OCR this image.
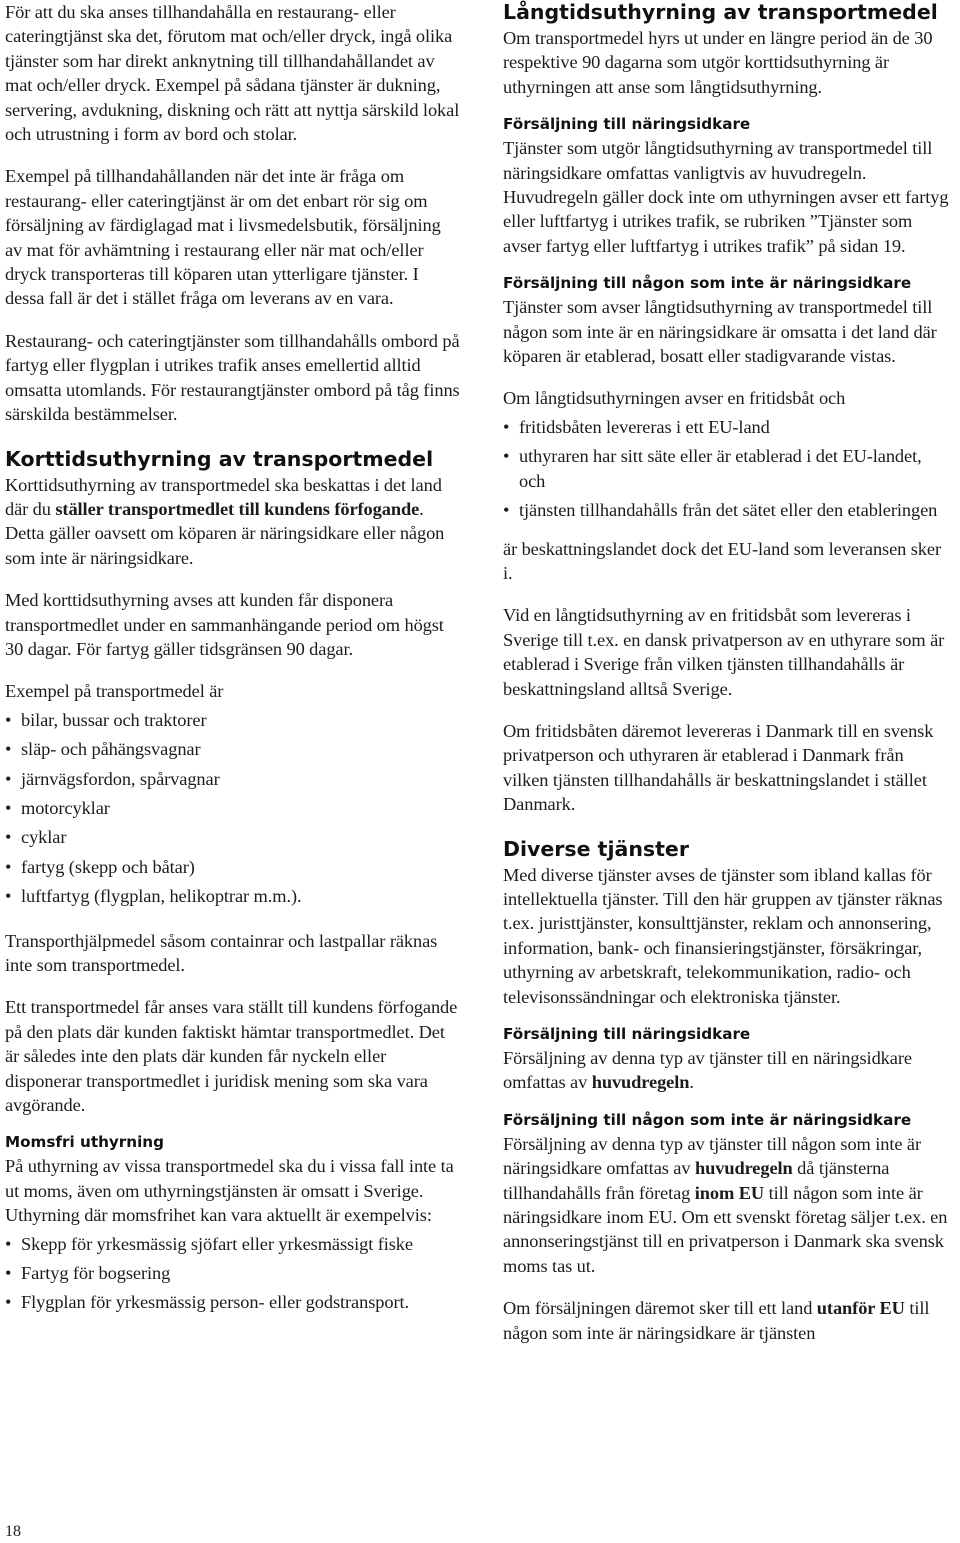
För att du ska anses tillhandahålla en restaurang- eller cateringtjänst ska det, förutom mat och/eller dryck, ingå olika tjänster som har direkt anknytning till tillhandahållandet av mat och/eller dryck. Exempel på sådana tjänster är dukning, servering, avdukning, diskning och rätt att nyttja särskild lokal och utrustning i form av bord och stolar.

Exempel på tillhandahållanden när det inte är fråga om restaurang- eller cateringtjänst är om det enbart rör sig om försäljning av färdiglagad mat i livsmedelsbutik, försäljning av mat för avhämtning i restaurang eller när mat och/eller dryck transporteras till köparen utan ytterligare tjänster. I dessa fall är det i stället fråga om leverans av en vara.

Restaurang- och cateringtjänster som tillhandahålls ombord på fartyg eller flygplan i utrikes trafik anses emellertid alltid omsatta utomlands. För restaurangtjänster ombord på tåg finns särskilda bestämmelser.

Korttidsuthyrning av transportmedel

Korttidsuthyrning av transportmedel ska beskattas i det land där du ställer transportmedlet till kundens förfogande. Detta gäller oavsett om köparen är näringsidkare eller någon som inte är näringsidkare.

Med korttidsuthyrning avses att kunden får disponera transportmedlet under en sammanhängande period om högst 30 dagar. För fartyg gäller tidsgränsen 90 dagar.

Exempel på transportmedel är

• bilar, bussar och traktorer
• släp- och påhängsvagnar
• järnvägsfordon, spårvagnar
• motorcyklar
• cyklar
• fartyg (skepp och båtar)
• luftfartyg (flygplan, helikoptrar m.m.).

Transporthjälpmedel såsom containrar och lastpallar räknas inte som transportmedel.

Ett transportmedel får anses vara ställt till kundens förfogande på den plats där kunden faktiskt hämtar transportmedlet. Det är således inte den plats där kunden får nyckeln eller disponerar transportmedlet i juridisk mening som ska vara avgörande.

Momsfri uthyrning

På uthyrning av vissa transportmedel ska du i vissa fall inte ta ut moms, även om uthyrningstjänsten är omsatt i Sverige. Uthyrning där momsfrihet kan vara aktuellt är exempelvis:

• Skepp för yrkesmässig sjöfart eller yrkesmässigt fiske
• Fartyg för bogsering
• Flygplan för yrkesmässig person- eller godstransport.
Långtidsuthyrning av transportmedel

Om transportmedel hyrs ut under en längre period än de 30 respektive 90 dagarna som utgör korttidsuthyrning är uthyrningen att anse som långtidsuthyrning.

Försäljning till näringsidkare

Tjänster som utgör långtidsuthyrning av transportmedel till näringsidkare omfattas vanligtvis av huvudregeln. Huvudregeln gäller dock inte om uthyrningen avser ett fartyg eller luftfartyg i utrikes trafik, se rubriken ”Tjänster som avser fartyg eller luftfartyg i utrikes trafik” på sidan 19.

Försäljning till någon som inte är näringsidkare

Tjänster som avser långtidsuthyrning av transportmedel till någon som inte är en näringsidkare är omsatta i det land där köparen är etablerad, bosatt eller stadigvarande vistas.

Om långtidsuthyrningen avser en fritidsbåt och

• fritidsbåten levereras i ett EU-land
• uthyraren har sitt säte eller är etablerad i det EU-landet, och
• tjänsten tillhandahålls från det sätet eller den etableringen

är beskattningslandet dock det EU-land som leveransen sker i.

Vid en långtidsuthyrning av en fritidsbåt som levereras i Sverige till t.ex. en dansk privatperson av en uthyrare som är etablerad i Sverige från vilken tjänsten tillhandahålls är beskattningsland alltså Sverige.

Om fritidsbåten däremot levereras i Danmark till en svensk privatperson och uthyraren är etablerad i Danmark från vilken tjänsten tillhandahålls är beskattningslandet i stället Danmark.

Diverse tjänster

Med diverse tjänster avses de tjänster som ibland kallas för intellektuella tjänster. Till den här gruppen av tjänster räknas t.ex. juristtjänster, konsulttjänster, reklam och annonsering, information, bank- och finansieringstjänster, försäkringar, uthyrning av arbetskraft, telekommunikation, radio- och televisonssändningar och elektroniska tjänster.

Försäljning till näringsidkare

Försäljning av denna typ av tjänster till en näringsidkare omfattas av huvudregeln.

Försäljning till någon som inte är näringsidkare

Försäljning av denna typ av tjänster till någon som inte är näringsidkare omfattas av huvudregeln då tjänsterna tillhandahålls från företag inom EU till någon som inte är näringsidkare inom EU. Om ett svenskt företag säljer t.ex. en annonseringstjänst till en privatperson i Danmark ska svensk moms tas ut.

Om försäljningen däremot sker till ett land utanför EU till någon som inte är näringsidkare är tjänsten

18
